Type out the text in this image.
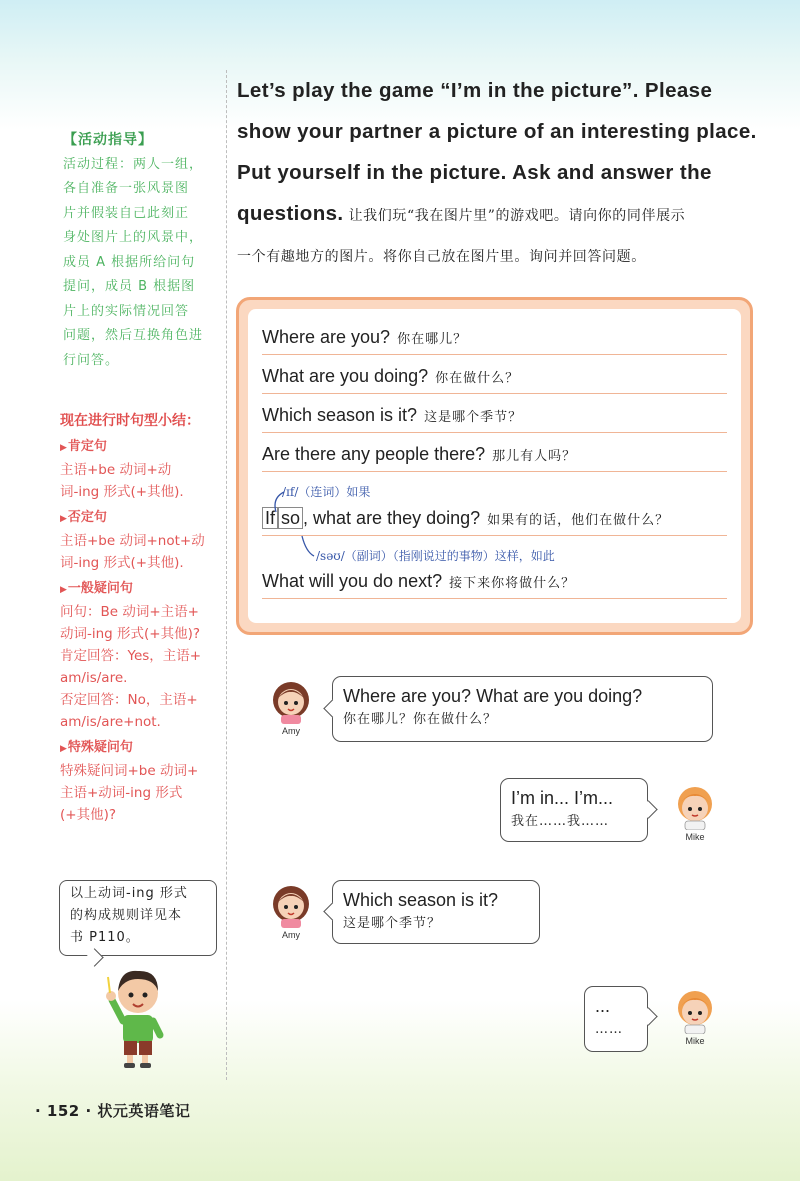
Let’s play the game “I’m in the picture”. Please
show your partner a picture of an interesting place.
Put yourself in the picture. Ask and answer the
questions. 让我们玩“我在图片里”的游戏吧。请向你的同伴展示
一个有趣地方的图片。将你自己放在图片里。询问并回答问题。
【活动指导】
活动过程：两人一组，
各自准备一张风景图
片并假装自己此刻正
身处图片上的风景中，
成员 A 根据所给问句
提问，成员 B 根据图
片上的实际情况回答
问题，然后互换角色进
行问答。
现在进行时句型小结：
▶ 肯定句
主语+be 动词+动
词-ing 形式(+其他).
▶ 否定句
主语+be 动词+not+动
词-ing 形式(+其他).
▶ 一般疑问句
问句：Be 动词+主语+
动词-ing 形式(+其他)?
肯定回答：Yes，主语+
am/is/are.
否定回答：No，主语+
am/is/are+not.
▶ 特殊疑问句
特殊疑问词+be 动词+
主语+动词-ing 形式
(+其他)?
以上动词-ing 形式
的构成规则详见本
书 P110。
Where are you? 你在哪儿？
What are you doing? 你在做什么？
Which season is it? 这是哪个季节？
Are there any people there? 那儿有人吗？
If so , what are they doing? 如果有的话，他们在做什么？
What will you do next? 接下来你将做什么？
/ɪf/（连词）如果
/səʊ/（副词）（指刚说过的事物）这样，如此
Amy
Where are you? What are you doing?
你在哪儿？你在做什么？
I’m in... I’m...
我在……我……
Mike
Amy
Which season is it?
这是哪个季节？
...
……
Mike
· 152 · 状元英语笔记
